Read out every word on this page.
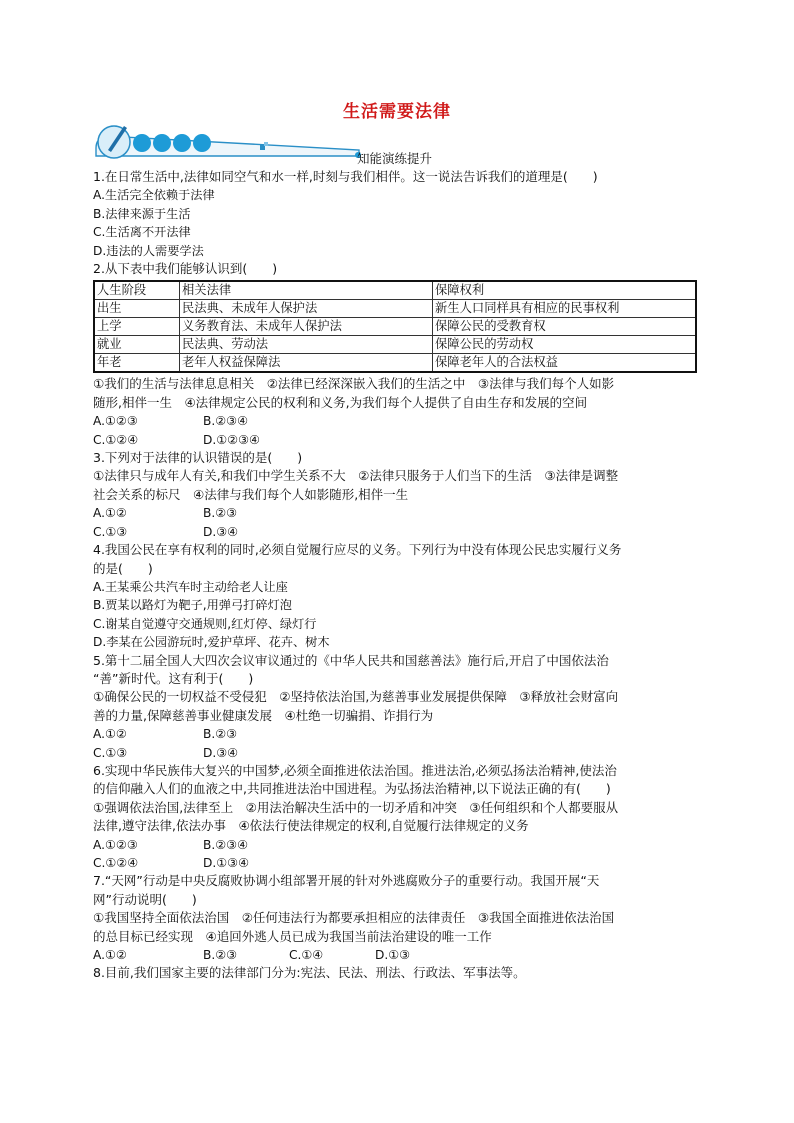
生活需要法律
知能演练提升
1.在日常生活中,法律如同空气和水一样,时刻与我们相伴。这一说法告诉我们的道理是(　　)
A.生活完全依赖于法律
B.法律来源于生活
C.生活离不开法律
D.违法的人需要学法
2.从下表中我们能够认识到(　　)
人生阶段	相关法律	保障权利
出生	民法典、未成年人保护法	新生人口同样具有相应的民事权利
上学	义务教育法、未成年人保护法	保障公民的受教育权
就业	民法典、劳动法	保障公民的劳动权
年老	老年人权益保障法	保障老年人的合法权益
①我们的生活与法律息息相关　②法律已经深深嵌入我们的生活之中　③法律与我们每个人如影
随形,相伴一生　④法律规定公民的权利和义务,为我们每个人提供了自由生存和发展的空间
A.①②③	B.②③④
C.①②④	D.①②③④
3.下列对于法律的认识错误的是(　　)
①法律只与成年人有关,和我们中学生关系不大　②法律只服务于人们当下的生活　③法律是调整
社会关系的标尺　④法律与我们每个人如影随形,相伴一生
A.①②	B.②③
C.①③	D.③④
4.我国公民在享有权利的同时,必须自觉履行应尽的义务。下列行为中没有体现公民忠实履行义务
的是(　　)
A.王某乘公共汽车时主动给老人让座
B.贾某以路灯为靶子,用弹弓打碎灯泡
C.谢某自觉遵守交通规则,红灯停、绿灯行
D.李某在公园游玩时,爱护草坪、花卉、树木
5.第十二届全国人大四次会议审议通过的《中华人民共和国慈善法》施行后,开启了中国依法治
“善”新时代。这有利于(　　)
①确保公民的一切权益不受侵犯　②坚持依法治国,为慈善事业发展提供保障　③释放社会财富向
善的力量,保障慈善事业健康发展　④杜绝一切骗捐、诈捐行为
A.①②	B.②③
C.①③	D.③④
6.实现中华民族伟大复兴的中国梦,必须全面推进依法治国。推进法治,必须弘扬法治精神,使法治
的信仰融入人们的血液之中,共同推进法治中国进程。为弘扬法治精神,以下说法正确的有(　　)
①强调依法治国,法律至上　②用法治解决生活中的一切矛盾和冲突　③任何组织和个人都要服从
法律,遵守法律,依法办事　④依法行使法律规定的权利,自觉履行法律规定的义务
A.①②③	B.②③④
C.①②④	D.①③④
7.“天网”行动是中央反腐败协调小组部署开展的针对外逃腐败分子的重要行动。我国开展“天
网”行动说明(　　)
①我国坚持全面依法治国　②任何违法行为都要承担相应的法律责任　③我国全面推进依法治国
的总目标已经实现　④追回外逃人员已成为我国当前法治建设的唯一工作
A.①②	B.②③	C.①④	D.①③
8.目前,我们国家主要的法律部门分为:宪法、民法、刑法、行政法、军事法等。
